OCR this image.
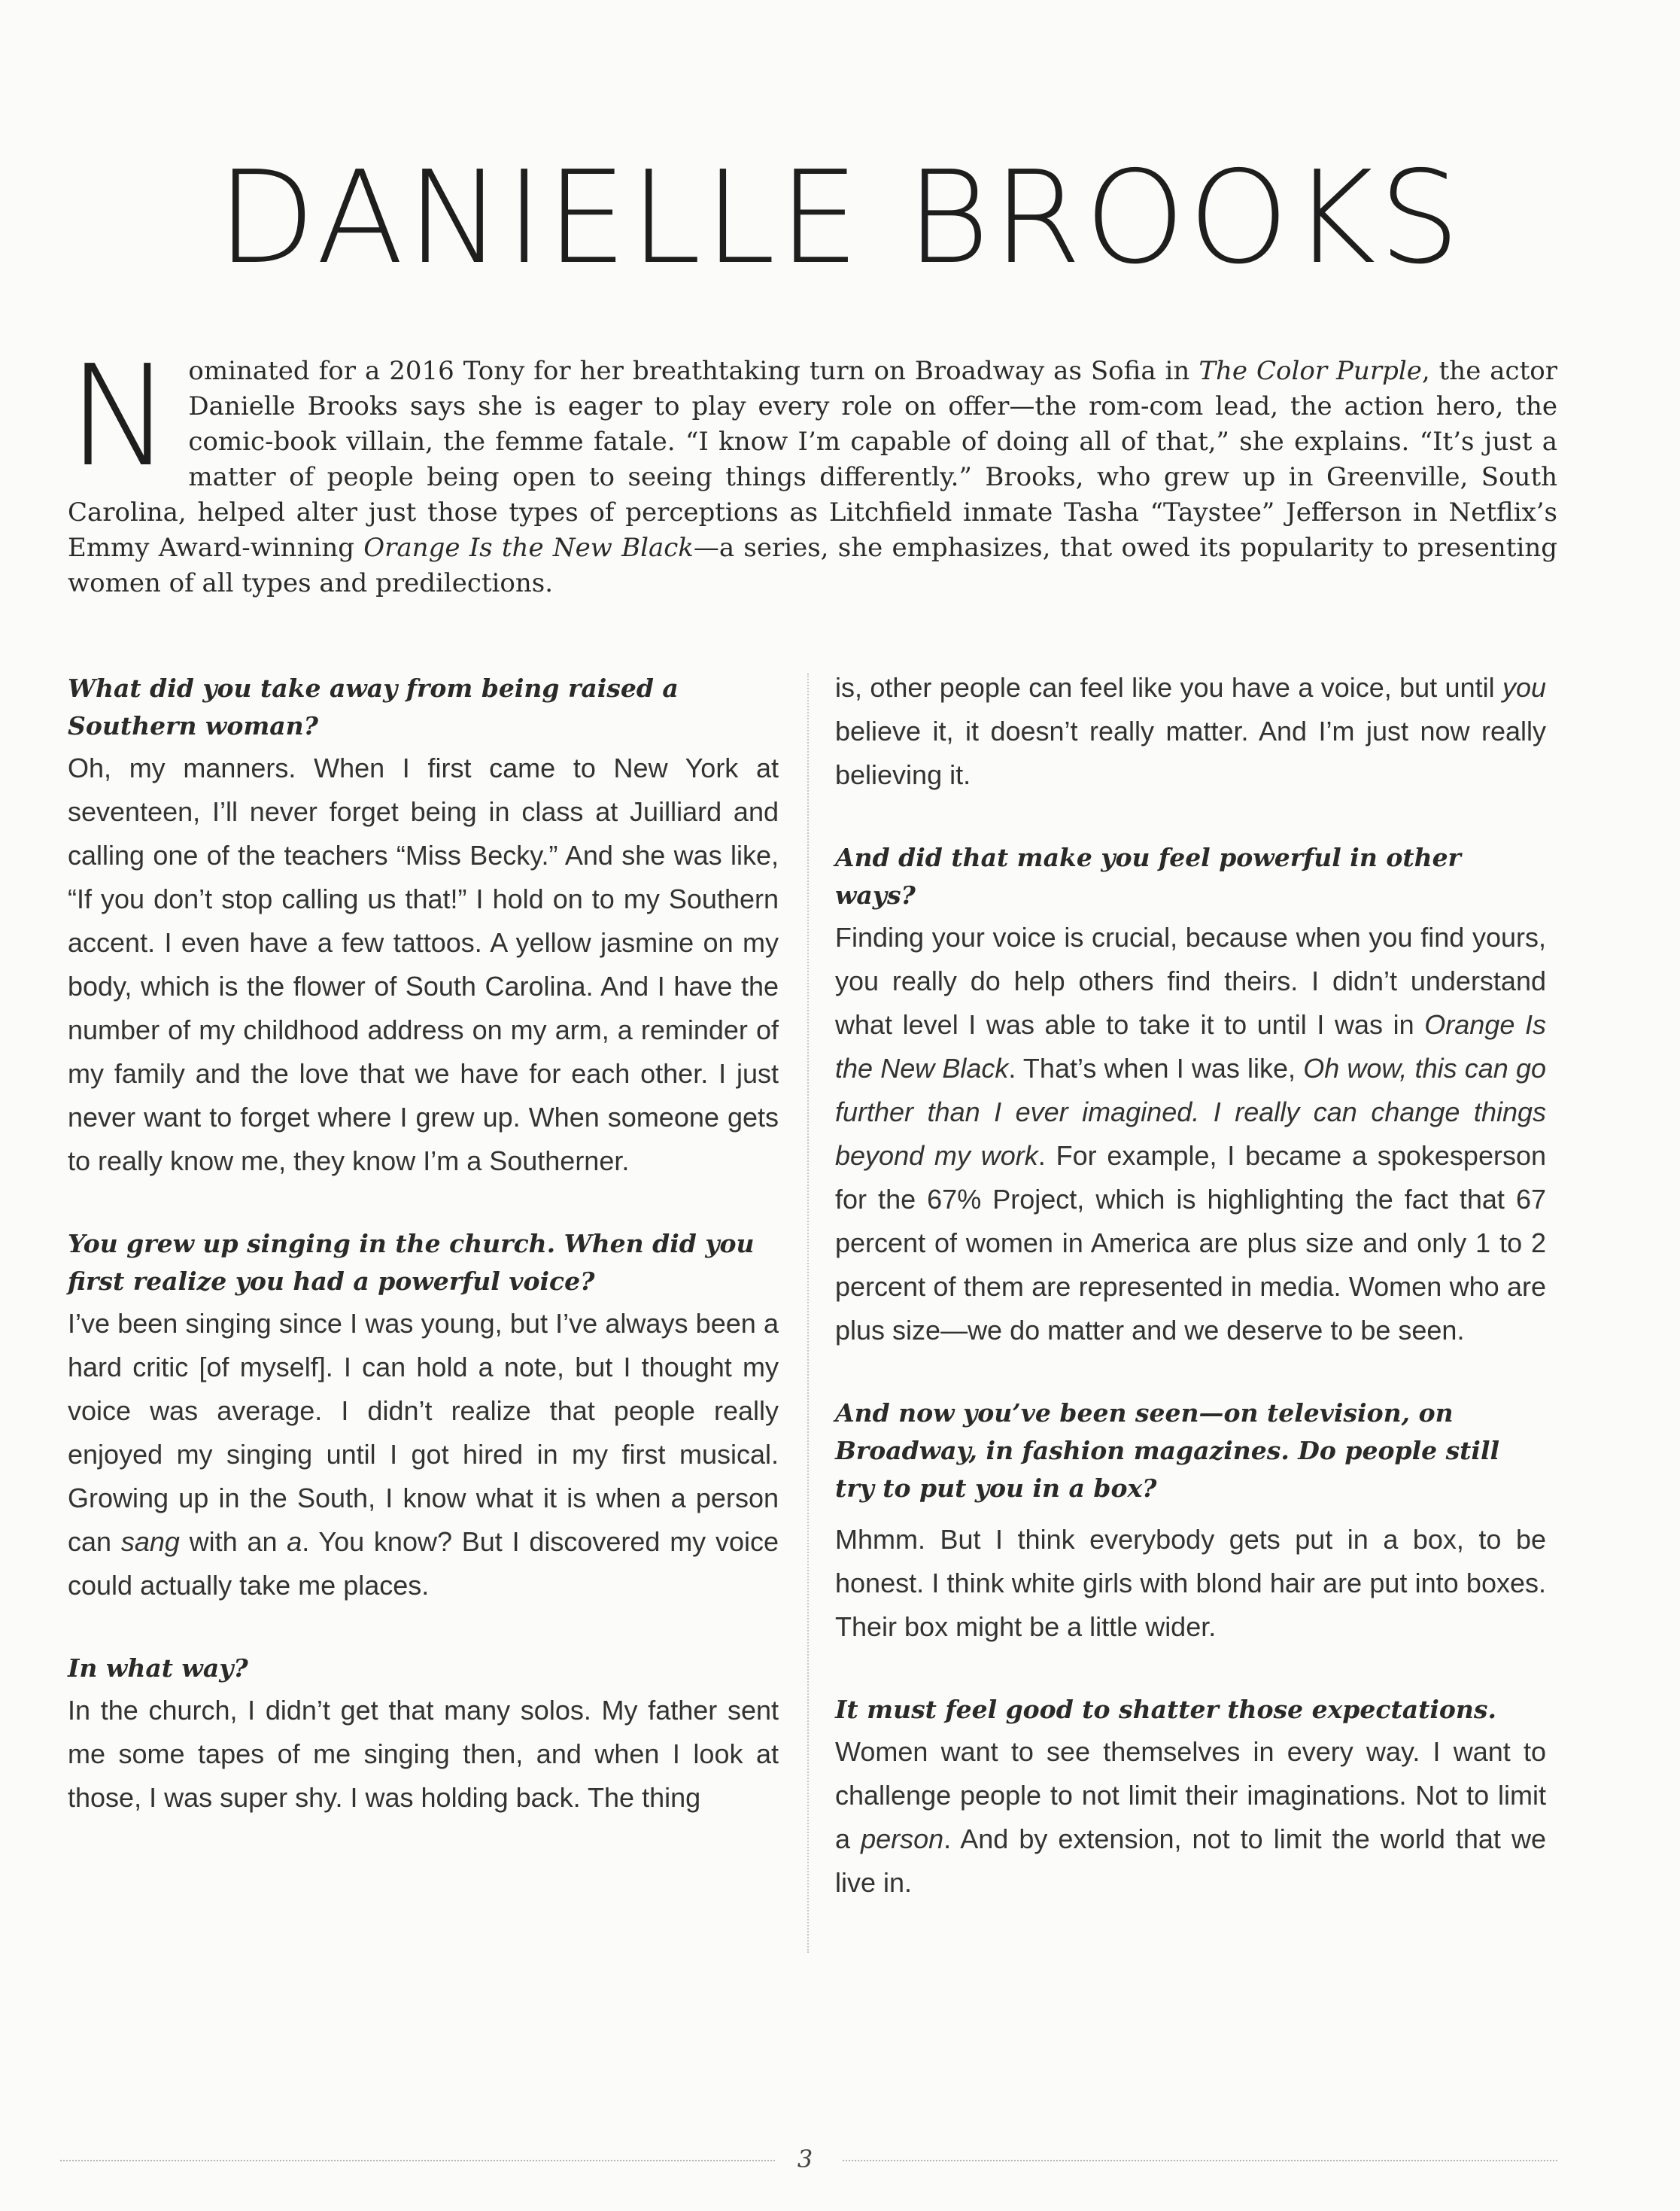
DANIELLE BROOKS

Nominated for a 2016 Tony for her breathtaking turn on Broadway as Sofia in The Color Purple, the actor Danielle Brooks says she is eager to play every role on offer—the rom-com lead, the action hero, the comic-book villain, the femme fatale. “I know I’m capable of doing all of that,” she explains. “It’s just a matter of people being open to seeing things differently.” Brooks, who grew up in Greenville, South Carolina, helped alter just those types of perceptions as Litchfield inmate Tasha “Taystee” Jefferson in Netflix’s Emmy Award-winning Orange Is the New Black—a series, she emphasizes, that owed its popularity to presenting women of all types and predilections.

What did you take away from being raised a Southern woman?

Oh, my manners. When I first came to New York at seventeen, I’ll never forget being in class at Juilliard and calling one of the teachers “Miss Becky.” And she was like, “If you don’t stop calling us that!” I hold on to my Southern accent. I even have a few tattoos. A yellow jasmine on my body, which is the flower of South Carolina. And I have the number of my childhood address on my arm, a reminder of my family and the love that we have for each other. I just never want to forget where I grew up. When someone gets to really know me, they know I’m a Southerner.

You grew up singing in the church. When did you first realize you had a powerful voice?

I’ve been singing since I was young, but I’ve always been a hard critic [of myself]. I can hold a note, but I thought my voice was average. I didn’t realize that people really enjoyed my singing until I got hired in my first musical. Growing up in the South, I know what it is when a person can sang with an a. You know? But I discovered my voice could actually take me places.

In what way?

In the church, I didn’t get that many solos. My father sent me some tapes of me singing then, and when I look at those, I was super shy. I was holding back. The thing

is, other people can feel like you have a voice, but until you believe it, it doesn’t really matter. And I’m just now really believing it.

And did that make you feel powerful in other ways?

Finding your voice is crucial, because when you find yours, you really do help others find theirs. I didn’t understand what level I was able to take it to until I was in Orange Is the New Black. That’s when I was like, Oh wow, this can go further than I ever imagined. I really can change things beyond my work. For example, I became a spokesperson for the 67% Project, which is highlighting the fact that 67 percent of women in America are plus size and only 1 to 2 percent of them are represented in media. Women who are plus size—we do matter and we deserve to be seen.

And now you’ve been seen—on television, on Broadway, in fashion magazines. Do people still try to put you in a box?

Mhmm. But I think everybody gets put in a box, to be honest. I think white girls with blond hair are put into boxes. Their box might be a little wider.

It must feel good to shatter those expectations.

Women want to see themselves in every way. I want to challenge people to not limit their imaginations. Not to limit a person. And by extension, not to limit the world that we live in.

3
